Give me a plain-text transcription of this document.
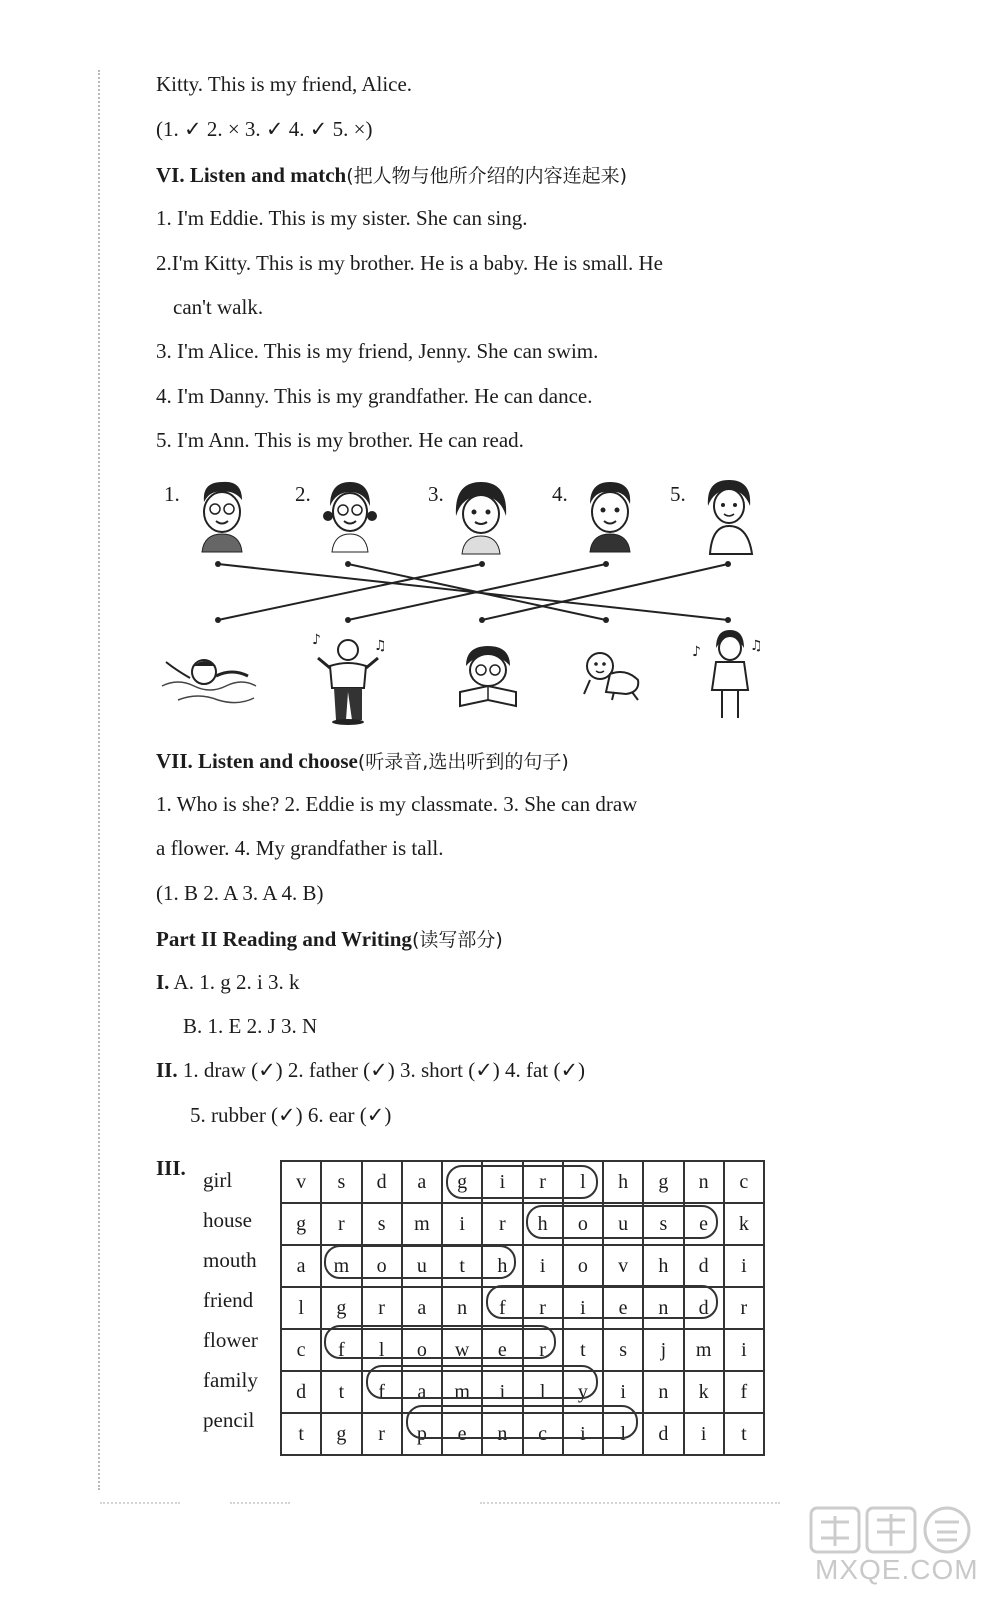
Kitty. This is my friend, Alice.
(1. ✓ 2. × 3. ✓ 4. ✓ 5. ×)
VI. Listen and match(把人物与他所介绍的内容连起来)
1. I'm Eddie. This is my sister. She can sing.
2.I'm Kitty. This is my brother. He is a baby. He is small. He
can't walk.
3. I'm Alice. This is my friend, Jenny. She can swim.
4. I'm Danny. This is my grandfather. He can dance.
5. I'm Ann. This is my brother. He can read.
1.	2.	3.	4.	5.
♪	♫	♪	♫
VII. Listen and choose(听录音,选出听到的句子)
1. Who is she? 2. Eddie is my classmate. 3. She can draw
a flower. 4. My grandfather is tall.
(1. B 2. A 3. A 4. B)
Part II Reading and Writing(读写部分)
I. A. 1. g 2. i 3. k
B. 1. E 2. J 3. N
II. 1. draw (✓) 2. father (✓) 3. short (✓) 4. fat (✓)
5. rubber (✓) 6. ear (✓)
III. girl
house
mouth
friend
flower
family
pencil
v	s	d	a	g	i	r	l	h	g	n	c
g	r	s	m	i	r	h	o	u	s	e	k
a	m	o	u	t	h	i	o	v	h	d	i
l	g	r	a	n	f	r	i	e	n	d	r
c	f	l	o	w	e	r	t	s	j	m	i
d	t	f	a	m	i	l	y	i	n	k	f
t	g	r	p	e	n	c	i	l	d	i	t
MXQE.COM
